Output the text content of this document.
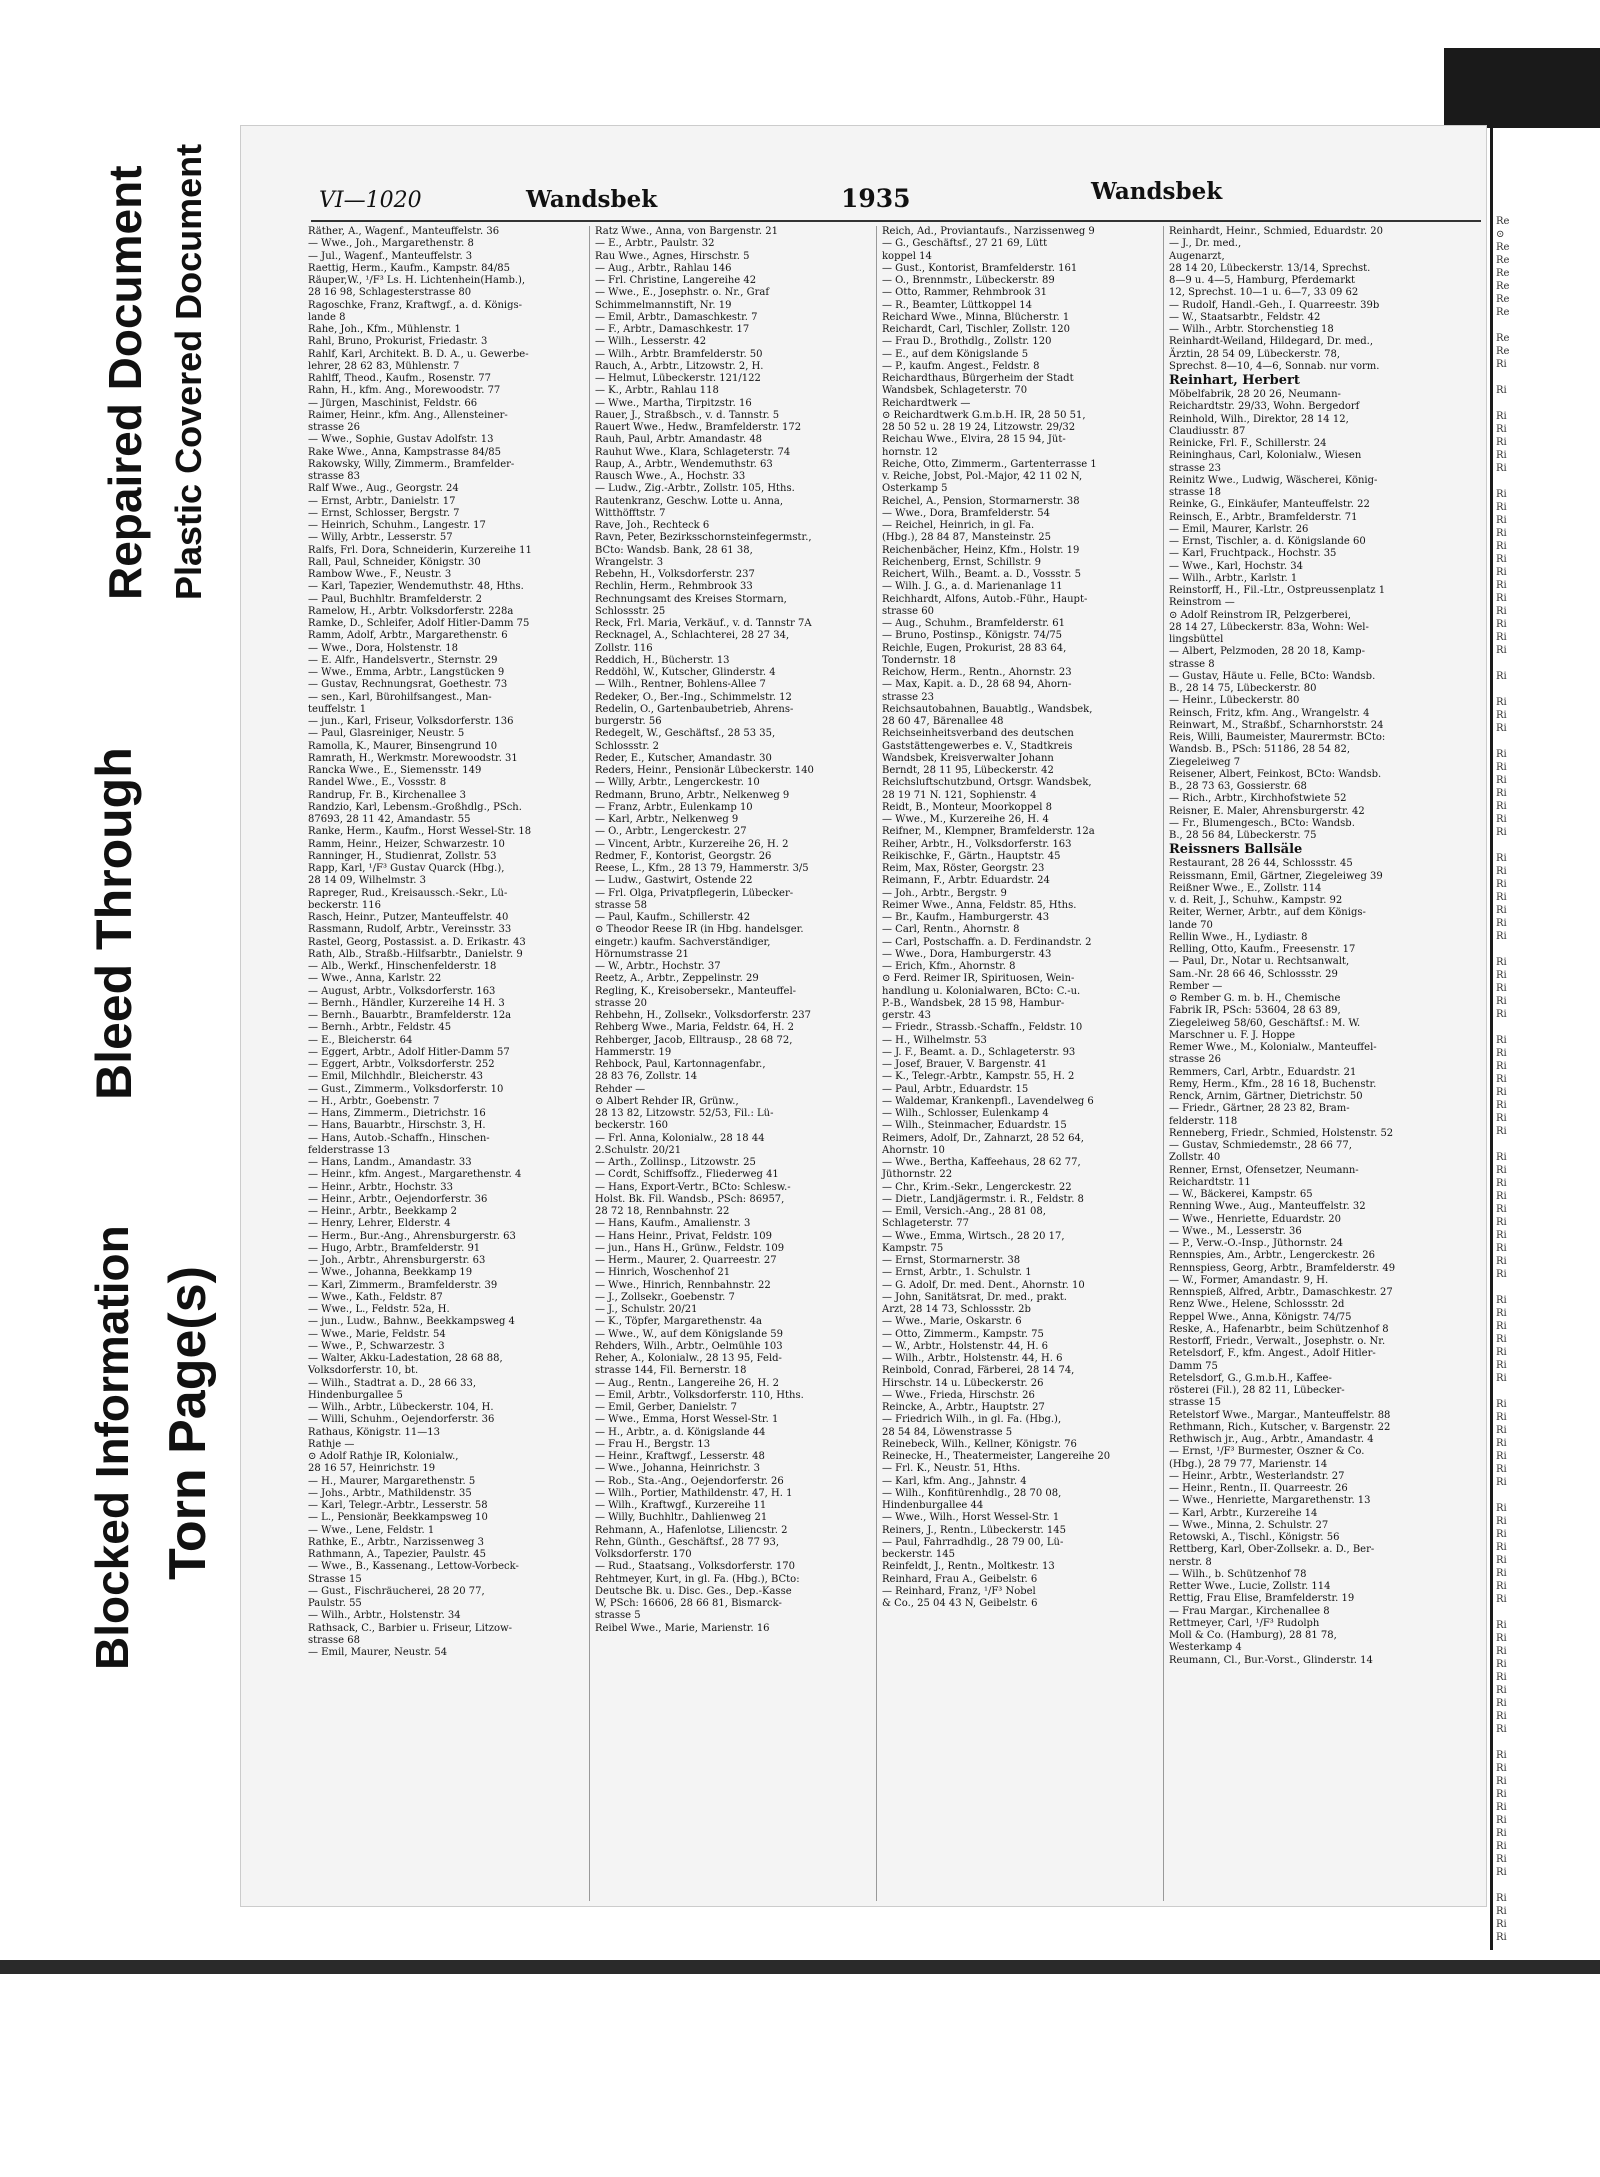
Blocked Information Torn Page(s)
Bleed Through
Repaired Document Plastic Covered Document	VI—1020	Wandsbek	1935	Wandsbek

Räther, A., Wagenf., Manteuffelstr. 36

— Wwe., Joh., Margarethenstr. 8

— Jul., Wagenf., Manteuffelstr. 3

Raettig, Herm., Kaufm., Kampstr. 84/85

Räuper,W., ¹/F³ Ls. H. Lichtenhein(Hamb.),

28 16 98, Schlagesterstrasse 80

Ragoschke, Franz, Kraftwgf., a. d. Königs-

lande 8

Rahe, Joh., Kfm., Mühlenstr. 1

Rahl, Bruno, Prokurist, Friedastr. 3

Rahlf, Karl, Architekt. B. D. A., u. Gewerbe-

lehrer, 28 62 83, Mühlenstr. 7

Rahlff, Theod., Kaufm., Rosenstr. 77

Rahn, H., kfm. Ang., Morewoodstr. 77

— Jürgen, Maschinist, Feldstr. 66

Raimer, Heinr., kfm. Ang., Allensteiner-

strasse 26

— Wwe., Sophie, Gustav Adolfstr. 13

Rake Wwe., Anna, Kampstrasse 84/85

Rakowsky, Willy, Zimmerm., Bramfelder-

strasse 83

Ralf Wwe., Aug., Georgstr. 24

— Ernst, Arbtr., Danielstr. 17

— Ernst, Schlosser, Bergstr. 7

— Heinrich, Schuhm., Langestr. 17

— Willy, Arbtr., Lesserstr. 57

Ralfs, Frl. Dora, Schneiderin, Kurzereihe 11

Rall, Paul, Schneider, Königstr. 30

Rambow Wwe., F., Neustr. 3

— Karl, Tapezier, Wendemuthstr. 48, Hths.

— Paul, Buchhltr. Bramfelderstr. 2

Ramelow, H., Arbtr. Volksdorferstr. 228a

Ramke, D., Schleifer, Adolf Hitler-Damm 75

Ramm, Adolf, Arbtr., Margarethenstr. 6

— Wwe., Dora, Holstenstr. 18

— E. Alfr., Handelsvertr., Sternstr. 29

— Wwe., Emma, Arbtr., Langstücken 9

— Gustav, Rechnungsrat, Goethestr. 73

— sen., Karl, Bürohilfsangest., Man-

teuffelstr. 1

— jun., Karl, Friseur, Volksdorferstr. 136

— Paul, Glasreiniger, Neustr. 5

Ramolla, K., Maurer, Binsengrund 10

Ramrath, H., Werkmstr. Morewoodstr. 31

Rancka Wwe., E., Siemensstr. 149

Randel Wwe., E., Vossstr. 8

Randrup, Fr. B., Kirchenallee 3

Randzio, Karl, Lebensm.-Großhdlg., PSch.

87693, 28 11 42, Amandastr. 55

Ranke, Herm., Kaufm., Horst Wessel-Str. 18

Ramm, Heinr., Heizer, Schwarzestr. 10

Ranninger, H., Studienrat, Zollstr. 53

Rapp, Karl, ¹/F³ Gustav Quarck (Hbg.),

28 14 09, Wilhelmstr. 3

Rapreger, Rud., Kreisaussch.-Sekr., Lü-

beckerstr. 116

Rasch, Heinr., Putzer, Manteuffelstr. 40

Rassmann, Rudolf, Arbtr., Vereinsstr. 33

Rastel, Georg, Postassist. a. D. Erikastr. 43

Rath, Alb., Straßb.-Hilfsarbtr., Danielstr. 9

— Alb., Werkf., Hinschenfelderstr. 18

— Wwe., Anna, Karlstr. 22

— August, Arbtr., Volksdorferstr. 163

— Bernh., Händler, Kurzereihe 14 H. 3

— Bernh., Bauarbtr., Bramfelderstr. 12a

— Bernh., Arbtr., Feldstr. 45

— E., Bleicherstr. 64

— Eggert, Arbtr., Adolf Hitler-Damm 57

— Eggert, Arbtr., Volksdorferstr. 252

— Emil, Milchhdlr., Bleicherstr. 43

— Gust., Zimmerm., Volksdorferstr. 10

— H., Arbtr., Goebenstr. 7

— Hans, Zimmerm., Dietrichstr. 16

— Hans, Bauarbtr., Hirschstr. 3, H.

— Hans, Autob.-Schaffn., Hinschen-

felderstrasse 13

— Hans, Landm., Amandastr. 33

— Heinr., kfm. Angest., Margarethenstr. 4

— Heinr., Arbtr., Hochstr. 33

— Heinr., Arbtr., Oejendorferstr. 36

— Heinr., Arbtr., Beekkamp 2

— Henry, Lehrer, Elderstr. 4

— Herm., Bur.-Ang., Ahrensburgerstr. 63

— Hugo, Arbtr., Bramfelderstr. 91

— Joh., Arbtr., Ahrensburgerstr. 63

— Wwe., Johanna, Beekkamp 19

— Karl, Zimmerm., Bramfelderstr. 39

— Wwe., Kath., Feldstr. 87

— Wwe., L., Feldstr. 52a, H.

— jun., Ludw., Bahnw., Beekkampsweg 4

— Wwe., Marie, Feldstr. 54

— Wwe., P., Schwarzestr. 3

— Walter, Akku-Ladestation, 28 68 88,

Volksdorferstr. 10, bt.

— Wilh., Stadtrat a. D., 28 66 33,

Hindenburgallee 5

— Wilh., Arbtr., Lübeckerstr. 104, H.

— Willi, Schuhm., Oejendorferstr. 36

Rathaus, Königstr. 11—13

Rathje —

⊙ Adolf Rathje IR, Kolonialw.,

28 16 57, Heinrichstr. 19

— H., Maurer, Margarethenstr. 5

— Johs., Arbtr., Mathildenstr. 35

— Karl, Telegr.-Arbtr., Lesserstr. 58

— L., Pensionär, Beekkampsweg 10

— Wwe., Lene, Feldstr. 1

Rathke, E., Arbtr., Narzissenweg 3

Rathmann, A., Tapezier, Paulstr. 45

— Wwe., B., Kassenang., Lettow-Vorbeck-

Strasse 15

— Gust., Fischräucherei, 28 20 77,

Paulstr. 55

— Wilh., Arbtr., Holstenstr. 34

Rathsack, C., Barbier u. Friseur, Litzow-

strasse 68

— Emil, Maurer, Neustr. 54

Ratz Wwe., Anna, von Bargenstr. 21

— E., Arbtr., Paulstr. 32

Rau Wwe., Agnes, Hirschstr. 5

— Aug., Arbtr., Rahlau 146

— Frl. Christine, Langereihe 42

— Wwe., E., Josephstr. o. Nr., Graf

Schimmelmannstift, Nr. 19

— Emil, Arbtr., Damaschkestr. 7

— F., Arbtr., Damaschkestr. 17

— Wilh., Lesserstr. 42

— Wilh., Arbtr. Bramfelderstr. 50

Rauch, A., Arbtr., Litzowstr. 2, H.

— Helmut, Lübeckerstr. 121/122

— K., Arbtr., Rahlau 118

— Wwe., Martha, Tirpitzstr. 16

Rauer, J., Straßbsch., v. d. Tannstr. 5

Rauert Wwe., Hedw., Bramfelderstr. 172

Rauh, Paul, Arbtr. Amandastr. 48

Rauhut Wwe., Klara, Schlageterstr. 74

Raup, A., Arbtr., Wendemuthstr. 63

Rausch Wwe., A., Hochstr. 33

— Ludw., Zig.-Arbtr., Zollstr. 105, Hths.

Rautenkranz, Geschw. Lotte u. Anna,

Witthöfftstr. 7

Rave, Joh., Rechteck 6

Ravn, Peter, Bezirksschornsteinfegermstr.,

BCto: Wandsb. Bank, 28 61 38,

Wrangelstr. 3

Rebehn, H., Volksdorferstr. 237

Rechlin, Herm., Rehmbrook 33

Rechnungsamt des Kreises Stormarn,

Schlossstr. 25

Reck, Frl. Maria, Verkäuf., v. d. Tannstr 7A

Recknagel, A., Schlachterei, 28 27 34,

Zollstr. 116

Reddich, H., Bücherstr. 13

Reddöhl, W., Kutscher, Glinderstr. 4

— Wilh., Rentner, Bohlens-Allee 7

Redeker, O., Ber.-Ing., Schimmelstr. 12

Redelin, O., Gartenbaubetrieb, Ahrens-

burgerstr. 56

Redegelt, W., Geschäftsf., 28 53 35,

Schlossstr. 2

Reder, E., Kutscher, Amandastr. 30

Reders, Heinr., Pensionär Lübeckerstr. 140

— Willy, Arbtr., Lengerckestr. 10

Redmann, Bruno, Arbtr., Nelkenweg 9

— Franz, Arbtr., Eulenkamp 10

— Karl, Arbtr., Nelkenweg 9

— O., Arbtr., Lengerckestr. 27

— Vincent, Arbtr., Kurzereihe 26, H. 2

Redmer, F., Kontorist, Georgstr. 26

Reese, L., Kfm., 28 13 79, Hammerstr. 3/5

— Ludw., Gastwirt, Ostende 22

— Frl. Olga, Privatpflegerin, Lübecker-

strasse 58

— Paul, Kaufm., Schillerstr. 42

⊙ Theodor Reese IR (in Hbg. handelsger.

eingetr.) kaufm. Sachverständiger,

Hörnumstrasse 21

— W., Arbtr., Hochstr. 37

Reetz, A., Arbtr., Zeppelinstr. 29

Regling, K., Kreisobersekr., Manteuffel-

strasse 20

Rehbehn, H., Zollsekr., Volksdorferstr. 237

Rehberg Wwe., Maria, Feldstr. 64, H. 2

Rehberger, Jacob, Elltrausp., 28 68 72,

Hammerstr. 19

Rehbock, Paul, Kartonnagenfabr.,

28 83 76, Zollstr. 14

Rehder —

⊙ Albert Rehder IR, Grünw.,

28 13 82, Litzowstr. 52/53, Fil.: Lü-

beckerstr. 160

— Frl. Anna, Kolonialw., 28 18 44

2.Schulstr. 20/21

— Arth., Zollinsp., Litzowstr. 25

— Cordt, Schiffsoffz., Fliederweg 41

— Hans, Export-Vertr., BCto: Schlesw.-

Holst. Bk. Fil. Wandsb., PSch: 86957,

28 72 18, Rennbahnstr. 22

— Hans, Kaufm., Amalienstr. 3

— Hans Heinr., Privat, Feldstr. 109

— jun., Hans H., Grünw., Feldstr. 109

— Herm., Maurer, 2. Quarreestr. 27

— Hinrich, Woschenhof 21

— Wwe., Hinrich, Rennbahnstr. 22

— J., Zollsekr., Goebenstr. 7

— J., Schulstr. 20/21

— K., Töpfer, Margarethenstr. 4a

— Wwe., W., auf dem Königslande 59

Rehders, Wilh., Arbtr., Oelmühle 103

Reher, A., Kolonialw., 28 13 95, Feld-

strasse 144, Fil. Bernerstr. 18

— Aug., Rentn., Langereihe 26, H. 2

— Emil, Arbtr., Volksdorferstr. 110, Hths.

— Emil, Gerber, Danielstr. 7

— Wwe., Emma, Horst Wessel-Str. 1

— H., Arbtr., a. d. Königslande 44

— Frau H., Bergstr. 13

— Heinr., Kraftwgf., Lesserstr. 48

— Wwe., Johanna, Heinrichstr. 3

— Rob., Sta.-Ang., Oejendorferstr. 26

— Wilh., Portier, Mathildenstr. 47, H. 1

— Wilh., Kraftwgf., Kurzereihe 11

— Willy, Buchhltr., Dahlienweg 21

Rehmann, A., Hafenlotse, Liliencstr. 2

Rehn, Günth., Geschäftsf., 28 77 93,

Volksdorferstr. 170

— Rud., Staatsang., Volksdorferstr. 170

Rehtmeyer, Kurt, in gl. Fa. (Hbg.), BCto:

Deutsche Bk. u. Disc. Ges., Dep.-Kasse

W, PSch: 16606, 28 66 81, Bismarck-

strasse 5

Reibel Wwe., Marie, Marienstr. 16

Reich, Ad., Proviantaufs., Narzissenweg 9

— G., Geschäftsf., 27 21 69, Lütt

koppel 14

— Gust., Kontorist, Bramfelderstr. 161

— O., Brennmstr., Lübeckerstr. 89

— Otto, Rammer, Rehmbrook 31

— R., Beamter, Lüttkoppel 14

Reichard Wwe., Minna, Blücherstr. 1

Reichardt, Carl, Tischler, Zollstr. 120

— Frau D., Brothdlg., Zollstr. 120

— E., auf dem Königslande 5

— P., kaufm. Angest., Feldstr. 8

Reichardthaus, Bürgerheim der Stadt

Wandsbek, Schlageterstr. 70

Reichardtwerk —

⊙ Reichardtwerk G.m.b.H. IR, 28 50 51,

28 50 52 u. 28 19 24, Litzowstr. 29/32

Reichau Wwe., Elvira, 28 15 94, Jüt-

hornstr. 12

Reiche, Otto, Zimmerm., Gartenterrasse 1

v. Reiche, Jobst, Pol.-Major, 42 11 02 N,

Osterkamp 5

Reichel, A., Pension, Stormarnerstr. 38

— Wwe., Dora, Bramfelderstr. 54

— Reichel, Heinrich, in gl. Fa.

(Hbg.), 28 84 87, Mansteinstr. 25

Reichenbächer, Heinz, Kfm., Holstr. 19

Reichenberg, Ernst, Schillstr. 9

Reichert, Wilh., Beamt. a. D., Vossstr. 5

— Wilh. J. G., a. d. Marienanlage 11

Reichhardt, Alfons, Autob.-Führ., Haupt-

strasse 60

— Aug., Schuhm., Bramfelderstr. 61

— Bruno, Postinsp., Königstr. 74/75

Reichle, Eugen, Prokurist, 28 83 64,

Tondernstr. 18

Reichow, Herm., Rentn., Ahornstr. 23

— Max, Kapit. a. D., 28 68 94, Ahorn-

strasse 23

Reichsautobahnen, Bauabtlg., Wandsbek,

28 60 47, Bärenallee 48

Reichseinheitsverband des deutschen

Gaststättengewerbes e. V., Stadtkreis

Wandsbek, Kreisverwalter Johann

Berndt, 28 11 95, Lübeckerstr. 42

Reichsluftschutzbund, Ortsgr. Wandsbek,

28 19 71 N. 121, Sophienstr. 4

Reidt, B., Monteur, Moorkoppel 8

— Wwe., M., Kurzereihe 26, H. 4

Reifner, M., Klempner, Bramfelderstr. 12a

Reiher, Arbtr., H., Volksdorferstr. 163

Reikischke, F., Gärtn., Hauptstr. 45

Reim, Max, Röster, Georgstr. 23

Reimann, F., Arbtr. Eduardstr. 24

— Joh., Arbtr., Bergstr. 9

Reimer Wwe., Anna, Feldstr. 85, Hths.

— Br., Kaufm., Hamburgerstr. 43

— Carl, Rentn., Ahornstr. 8

— Carl, Postschaffn. a. D. Ferdinandstr. 2

— Wwe., Dora, Hamburgerstr. 43

— Erich, Kfm., Ahornstr. 8

⊙ Ferd. Reimer IR, Spirituosen, Wein-

handlung u. Kolonialwaren, BCto: C.-u.

P.-B., Wandsbek, 28 15 98, Hambur-

gerstr. 43

— Friedr., Strassb.-Schaffn., Feldstr. 10

— H., Wilhelmstr. 53

— J. F., Beamt. a. D., Schlageterstr. 93

— Josef, Brauer, V. Bargenstr. 41

— K., Telegr.-Arbtr., Kampstr. 55, H. 2

— Paul, Arbtr., Eduardstr. 15

— Waldemar, Krankenpfl., Lavendelweg 6

— Wilh., Schlosser, Eulenkamp 4

— Wilh., Steinmacher, Eduardstr. 15

Reimers, Adolf, Dr., Zahnarzt, 28 52 64,

Ahornstr. 10

— Wwe., Bertha, Kaffeehaus, 28 62 77,

Jüthornstr. 22

— Chr., Krim.-Sekr., Lengerckestr. 22

— Dietr., Landjägermstr. i. R., Feldstr. 8

— Emil, Versich.-Ang., 28 81 08,

Schlageterstr. 77

— Wwe., Emma, Wirtsch., 28 20 17,

Kampstr. 75

— Ernst, Stormarnerstr. 38

— Ernst, Arbtr., 1. Schulstr. 1

— G. Adolf, Dr. med. Dent., Ahornstr. 10

— John, Sanitätsrat, Dr. med., prakt.

Arzt, 28 14 73, Schlossstr. 2b

— Wwe., Marie, Oskarstr. 6

— Otto, Zimmerm., Kampstr. 75

— W., Arbtr., Holstenstr. 44, H. 6

— Wilh., Arbtr., Holstenstr. 44, H. 6

Reinbold, Conrad, Färberei, 28 14 74,

Hirschstr. 14 u. Lübeckerstr. 26

— Wwe., Frieda, Hirschstr. 26

Reincke, A., Arbtr., Hauptstr. 27

— Friedrich Wilh., in gl. Fa. (Hbg.),

28 54 84, Löwenstrasse 5

Reinebeck, Wilh., Kellner, Königstr. 76

Reinecke, H., Theatermeister, Langereihe 20

— Frl. K., Neustr. 51, Hths.

— Karl, kfm. Ang., Jahnstr. 4

— Wilh., Konfitürenhdlg., 28 70 08,

Hindenburgallee 44

— Wwe., Wilh., Horst Wessel-Str. 1

Reiners, J., Rentn., Lübeckerstr. 145

— Paul, Fahrradhdlg., 28 79 00, Lü-

beckerstr. 145

Reinfeldt, J., Rentn., Moltkestr. 13

Reinhard, Frau A., Geibelstr. 6

— Reinhard, Franz, ¹/F³ Nobel

& Co., 25 04 43 N, Geibelstr. 6

Reinhardt, Heinr., Schmied, Eduardstr. 20

— J., Dr. med.,

Augenarzt,

28 14 20, Lübeckerstr. 13/14, Sprechst.

8—9 u. 4—5, Hamburg, Pferdemarkt

12, Sprechst. 10—1 u. 6—7, 33 09 62

— Rudolf, Handl.-Geh., I. Quarreestr. 39b

— W., Staatsarbtr., Feldstr. 42

— Wilh., Arbtr. Storchenstieg 18

Reinhardt-Weiland, Hildegard, Dr. med.,

Ärztin, 28 54 09, Lübeckerstr. 78,

Sprechst. 8—10, 4—6, Sonnab. nur vorm.

Reinhart, Herbert

Möbelfabrik, 28 20 26, Neumann-

Reichardtstr. 29/33, Wohn. Bergedorf

Reinhold, Wilh., Direktor, 28 14 12,

Claudiusstr. 87

Reinicke, Frl. F., Schillerstr. 24

Reininghaus, Carl, Kolonialw., Wiesen

strasse 23

Reinitz Wwe., Ludwig, Wäscherei, König-

strasse 18

Reinke, G., Einkäufer, Manteuffelstr. 22

Reinsch, E., Arbtr., Bramfelderstr. 71

— Emil, Maurer, Karlstr. 26

— Ernst, Tischler, a. d. Königslande 60

— Karl, Fruchtpack., Hochstr. 35

— Wwe., Karl, Hochstr. 34

— Wilh., Arbtr., Karlstr. 1

Reinstorff, H., Fil.-Ltr., Ostpreussenplatz 1

Reinstrom —

⊙ Adolf Reinstrom IR, Pelzgerberei,

28 14 27, Lübeckerstr. 83a, Wohn: Wel-

lingsbüttel

— Albert, Pelzmoden, 28 20 18, Kamp-

strasse 8

— Gustav, Häute u. Felle, BCto: Wandsb.

B., 28 14 75, Lübeckerstr. 80

— Heinr., Lübeckerstr. 80

Reinsch, Fritz, kfm. Ang., Wrangelstr. 4

Reinwart, M., Straßbf., Scharnhorststr. 24

Reis, Willi, Baumeister, Maurermstr. BCto:

Wandsb. B., PSch: 51186, 28 54 82,

Ziegeleiweg 7

Reisener, Albert, Feinkost, BCto: Wandsb.

B., 28 73 63, Gossierstr. 68

— Rich., Arbtr., Kirchhofstwiete 52

Reisner, E. Maler, Ahrensburgerstr. 42

— Fr., Blumengesch., BCto: Wandsb.

B., 28 56 84, Lübeckerstr. 75

Reissners Ballsäle

Restaurant, 28 26 44, Schlossstr. 45

Reissmann, Emil, Gärtner, Ziegeleiweg 39

Reißner Wwe., E., Zollstr. 114

v. d. Reit, J., Schuhw., Kampstr. 92

Reiter, Werner, Arbtr., auf dem Königs-

lande 70

Rellin Wwe., H., Lydiastr. 8

Relling, Otto, Kaufm., Freesenstr. 17

— Paul, Dr., Notar u. Rechtsanwalt,

Sam.-Nr. 28 66 46, Schlossstr. 29

Rember —

⊙ Rember G. m. b. H., Chemische

Fabrik IR, PSch: 53604, 28 63 89,

Ziegeleiweg 58/60, Geschäftsf.: M. W.

Marschner u. F. J. Hoppe

Remer Wwe., M., Kolonialw., Manteuffel-

strasse 26

Remmers, Carl, Arbtr., Eduardstr. 21

Remy, Herm., Kfm., 28 16 18, Buchenstr.

Renck, Arnim, Gärtner, Dietrichstr. 50

— Friedr., Gärtner, 28 23 82, Bram-

felderstr. 118

Renneberg, Friedr., Schmied, Holstenstr. 52

— Gustav, Schmiedemstr., 28 66 77,

Zollstr. 40

Renner, Ernst, Ofensetzer, Neumann-

Reichardtstr. 11

— W., Bäckerei, Kampstr. 65

Renning Wwe., Aug., Manteuffelstr. 32

— Wwe., Henriette, Eduardstr. 20

— Wwe., M., Lesserstr. 36

— P., Verw.-O.-Insp., Jüthornstr. 24

Rennspies, Am., Arbtr., Lengerckestr. 26

Rennspiess, Georg, Arbtr., Bramfelderstr. 49

— W., Former, Amandastr. 9, H.

Rennspieß, Alfred, Arbtr., Damaschkestr. 27

Renz Wwe., Helene, Schlossstr. 2d

Reppel Wwe., Anna, Königstr. 74/75

Reske, A., Hafenarbtr., beim Schützenhof 8

Restorff, Friedr., Verwalt., Josephstr. o. Nr.

Retelsdorf, F., kfm. Angest., Adolf Hitler-

Damm 75

Retelsdorf, G., G.m.b.H., Kaffee-

rösterei (Fil.), 28 82 11, Lübecker-

strasse 15

Retelstorf Wwe., Margar., Manteuffelstr. 88

Rethmann, Rich., Kutscher, v. Bargenstr. 22

Rethwisch jr., Aug., Arbtr., Amandastr. 4

— Ernst, ¹/F³ Burmester, Oszner & Co.

(Hbg.), 28 79 77, Marienstr. 14

— Heinr., Arbtr., Westerlandstr. 27

— Heinr., Rentn., II. Quarreestr. 26

— Wwe., Henriette, Margarethenstr. 13

— Karl, Arbtr., Kurzereihe 14

— Wwe., Minna, 2. Schulstr. 27

Retowski, A., Tischl., Königstr. 56

Rettberg, Karl, Ober-Zollsekr. a. D., Ber-

nerstr. 8

— Wilh., b. Schützenhof 78

Retter Wwe., Lucie, Zollstr. 114

Rettig, Frau Elise, Bramfelderstr. 19

— Frau Margar., Kirchenallee 8

Rettmeyer, Carl, ¹/F³ Rudolph

Moll & Co. (Hamburg), 28 81 78,

Westerkamp 4

Reumann, Cl., Bur.-Vorst., Glinderstr. 14

Re
⊙
Re
Re
Re
Re
Re
Re

Re
Re
Ri

Ri

Ri
Ri
Ri
Ri
Ri

Ri
Ri
Ri
Ri
Ri
Ri
Ri
Ri
Ri
Ri
Ri
Ri
Ri

Ri

Ri
Ri
Ri

Ri
Ri
Ri
Ri
Ri
Ri
Ri

Ri
Ri
Ri
Ri
Ri
Ri
Ri

Ri
Ri
Ri
Ri
Ri

Ri
Ri
Ri
Ri
Ri
Ri
Ri
Ri

Ri
Ri
Ri
Ri
Ri
Ri
Ri
Ri
Ri
Ri

Ri
Ri
Ri
Ri
Ri
Ri
Ri

Ri
Ri
Ri
Ri
Ri
Ri
Ri

Ri
Ri
Ri
Ri
Ri
Ri
Ri
Ri

Ri
Ri
Ri
Ri
Ri
Ri
Ri
Ri
Ri

Ri
Ri
Ri
Ri
Ri
Ri
Ri
Ri
Ri
Ri

Ri
Ri
Ri
Ri
